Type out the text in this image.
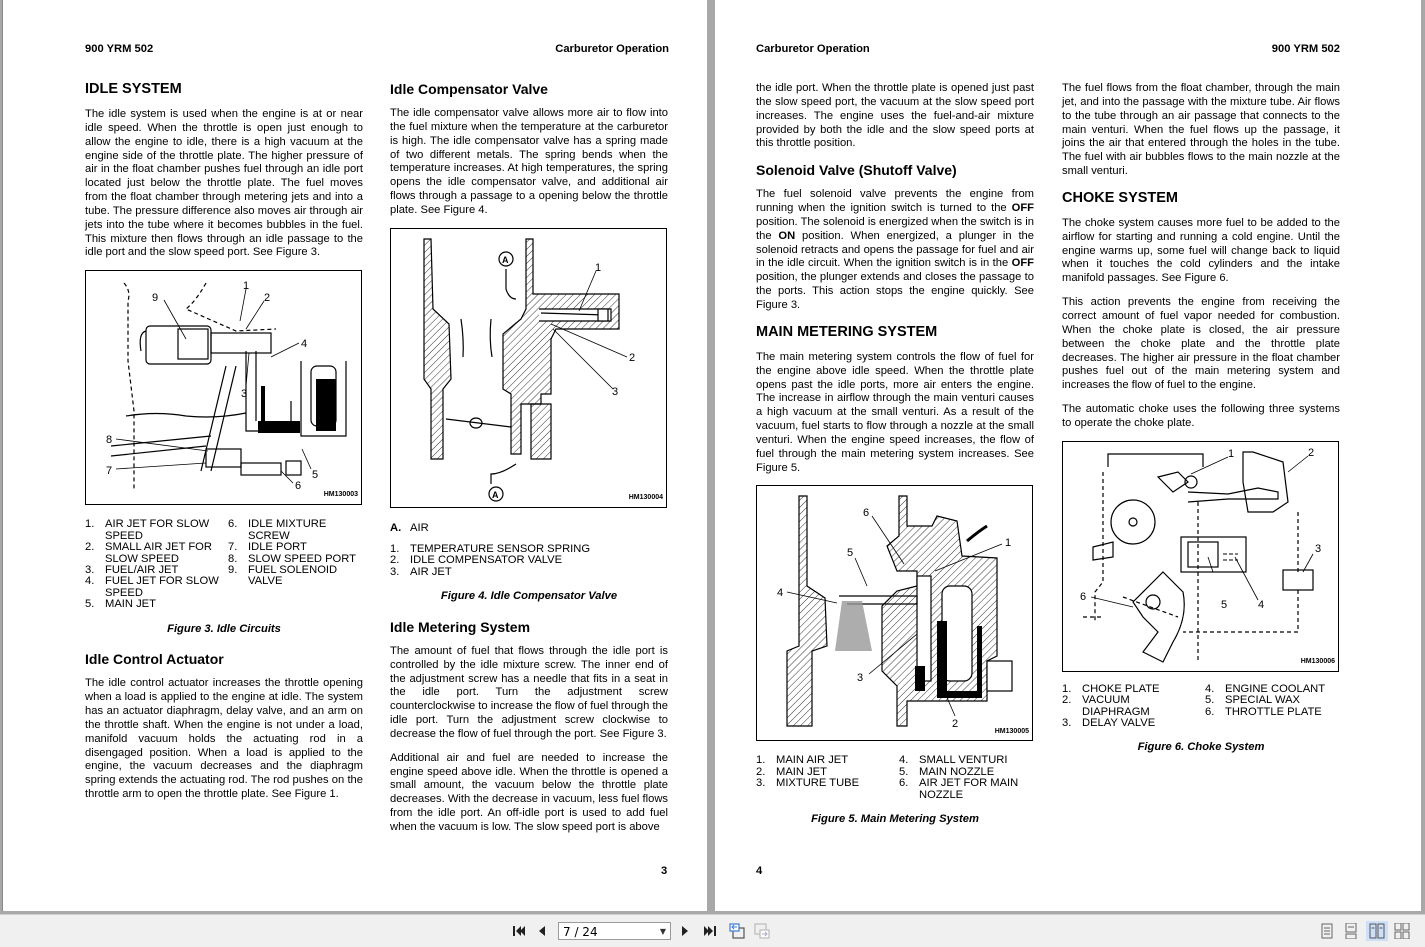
900 YRM 502	Carburetor Operation
IDLE SYSTEM

The idle system is used when the engine is at or near idle speed. When the throttle is open just enough to allow the engine to idle, there is a high vacuum at the engine side of the throttle plate. The higher pressure of air in the float chamber pushes fuel through an idle port located just below the throttle plate. The fuel moves from the float chamber through metering jets and into a tube. The pressure difference also moves air through air jets into the tube where it becomes bubbles in the fuel. This mixture then flows through an idle passage to the idle port and the slow speed port. See Figure 3.

9
1
2
3
4
5
6
7
8
HM130003
1. AIR JET FOR SLOW SPEED
2. SMALL AIR JET FOR SLOW SPEED
3. FUEL/AIR JET
4. FUEL JET FOR SLOW SPEED
5. MAIN JET
6. IDLE MIXTURE SCREW
7. IDLE PORT
8. SLOW SPEED PORT
9. FUEL SOLENOID VALVE
Figure 3. Idle Circuits
Idle Control Actuator

The idle control actuator increases the throttle opening when a load is applied to the engine at idle. The system has an actuator diaphragm, delay valve, and an arm on the throttle shaft. When the engine is not under a load, manifold vacuum holds the actuating rod in a disengaged position. When a load is applied to the engine, the vacuum decreases and the diaphragm spring extends the actuating rod. The rod pushes on the throttle arm to open the throttle plate. See Figure 1.

Idle Compensator Valve

The idle compensator valve allows more air to flow into the fuel mixture when the temperature at the carburetor is high. The idle compensator valve has a spring made of two different metals. The spring bends when the temperature increases. At high temperatures, the spring opens the idle compensator valve, and additional air flows through a passage to a opening below the throttle plate. See Figure 4.

A
A
1
2
3
HM130004
A. AIR
1. TEMPERATURE SENSOR SPRING
2. IDLE COMPENSATOR VALVE
3. AIR JET
Figure 4. Idle Compensator Valve
Idle Metering System

The amount of fuel that flows through the idle port is controlled by the idle mixture screw. The inner end of the adjustment screw has a needle that fits in a seat in the idle port. Turn the adjustment screw counterclockwise to increase the flow of fuel through the idle port. Turn the adjustment screw clockwise to decrease the flow of fuel through the port. See Figure 3.

Additional air and fuel are needed to increase the engine speed above idle. When the throttle is opened a small amount, the vacuum below the throttle plate decreases. With the decrease in vacuum, less fuel flows from the idle port. An off-idle port is used to add fuel when the vacuum is low. The slow speed port is above

3
Carburetor Operation	900 YRM 502

the idle port. When the throttle plate is opened just past the slow speed port, the vacuum at the slow speed port increases. The engine uses the fuel-and-air mixture provided by both the idle and the slow speed ports at this throttle position.

Solenoid Valve (Shutoff Valve)

The fuel solenoid valve prevents the engine from running when the ignition switch is turned to the OFF position. The solenoid is energized when the switch is in the ON position. When energized, a plunger in the solenoid retracts and opens the passage for fuel and air in the idle circuit. When the ignition switch is in the OFF position, the plunger extends and closes the passage to the ports. This action stops the engine quickly. See Figure 3.

MAIN METERING SYSTEM

The main metering system controls the flow of fuel for the engine above idle speed. When the throttle plate opens past the idle ports, more air enters the engine. The increase in airflow through the main venturi causes a high vacuum at the small venturi. As a result of the vacuum, fuel starts to flow through a nozzle at the small venturi. When the engine speed increases, the flow of fuel through the main metering system increases. See Figure 5.

6
5
4
3
1
2
HM130005
1. MAIN AIR JET
2. MAIN JET
3. MIXTURE TUBE
4. SMALL VENTURI
5. MAIN NOZZLE
6. AIR JET FOR MAIN NOZZLE
Figure 5. Main Metering System

The fuel flows from the float chamber, through the main jet, and into the passage with the mixture tube. Air flows to the tube through an air passage that connects to the main venturi. When the fuel flows up the passage, it joins the air that entered through the holes in the tube. The fuel with air bubbles flows to the main nozzle at the small venturi.

CHOKE SYSTEM

The choke system causes more fuel to be added to the airflow for starting and running a cold engine. Until the engine warms up, some fuel will change back to liquid when it touches the cold cylinders and the intake manifold passages. See Figure 6.

This action prevents the engine from receiving the correct amount of fuel vapor needed for combustion. When the choke plate is closed, the air pressure between the choke plate and the throttle plate decreases. The higher air pressure in the float chamber pushes fuel out of the main metering system and increases the flow of fuel to the engine.

The automatic choke uses the following three systems to operate the choke plate.

1	2
3
4
5
6
HM130006
1. CHOKE PLATE
2. VACUUM DIAPHRAGM
3. DELAY VALVE
4. ENGINE COOLANT
5. SPECIAL WAX
6. THROTTLE PLATE
Figure 6. Choke System
4
7 / 24	▼
